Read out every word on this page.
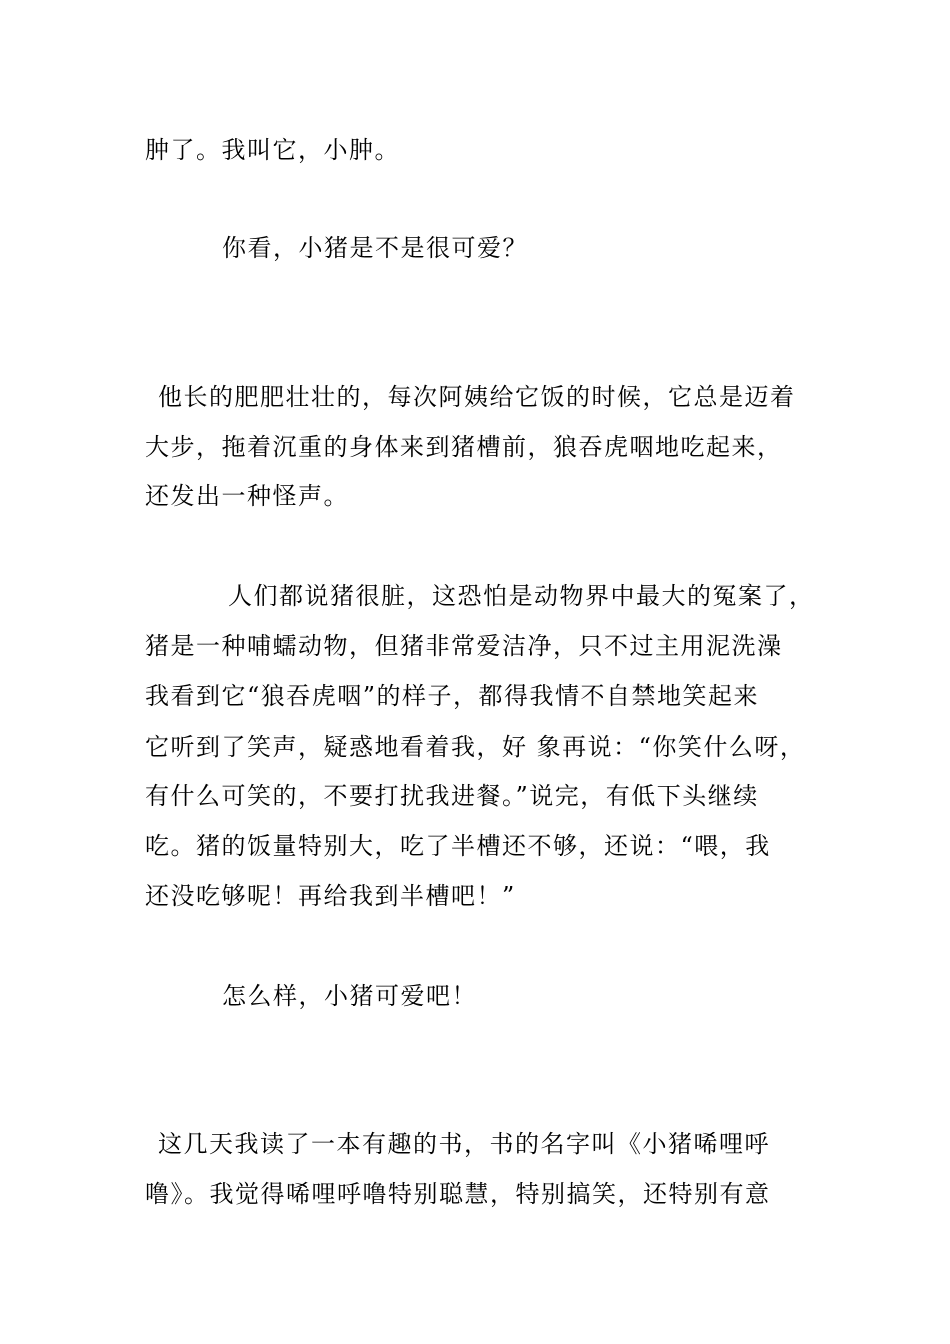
肿了。我叫它，小肿。
你看，小猪是不是很可爱？
他长的肥肥壮壮的，每次阿姨给它饭的时候，它总是迈着
大步，拖着沉重的身体来到猪槽前，狼吞虎咽地吃起来，
还发出一种怪声。
人们都说猪很脏，这恐怕是动物界中最大的冤案了，
猪是一种哺蠕动物，但猪非常爱洁净，只不过主用泥洗澡
我看到它“狼吞虎咽”的样子，都得我情不自禁地笑起来
它听到了笑声，疑惑地看着我，好 象再说：“你笑什么呀，
有什么可笑的，不要打扰我进餐。”说完，有低下头继续
吃。猪的饭量特别大，吃了半槽还不够，还说：“喂，我
还没吃够呢！再给我到半槽吧！”
怎么样，小猪可爱吧！
这几天我读了一本有趣的书，书的名字叫《小猪唏哩呼
噜》。我觉得唏哩呼噜特别聪慧，特别搞笑，还特别有意
